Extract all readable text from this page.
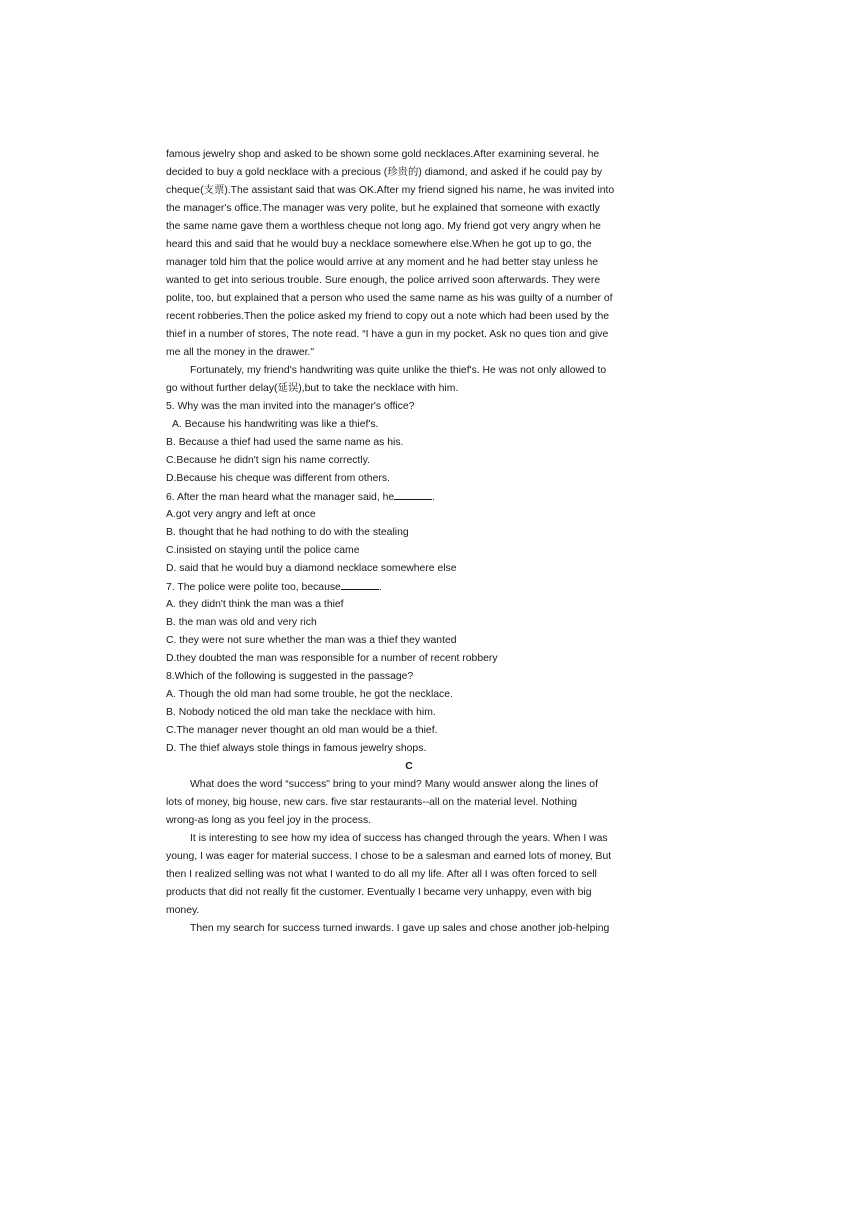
famous jewelry shop and asked to be shown some gold necklaces.After examining several. he
decided to buy a gold necklace with a precious (珍贵的) diamond, and asked if he could pay by
cheque(支票).The assistant said that was OK.After my friend signed his name, he was invited into
the manager's office.The manager was very polite, but he explained that someone with exactly
the same name gave them a worthless cheque not long ago. My friend got very angry when he
heard this and said that he would buy a necklace somewhere else.When he got up to go, the
manager told him that the police would arrive at any moment and he had better stay unless he
wanted to get into serious trouble. Sure enough, the police arrived soon afterwards. They were
polite, too, but explained that a person who used the same name as his was guilty of a number of
recent robberies.Then the police asked my friend to copy out a note which had been used by the
thief in a number of stores, The note read. “I have a gun in my pocket. Ask no ques tion and give
me all the money in the drawer."
Fortunately, my friend's handwriting was quite unlike the thief's. He was not only allowed to
go without further delay(延误),but to take the necklace with him.
5. Why was the man invited into the manager's office?
A. Because his handwriting was like a thief's.
B. Because a thief had used the same name as his.
C.Because he didn't sign his name correctly.
D.Because his cheque was different from others.
6. After the man heard what the manager said, he	.
A.got very angry and left at once
B. thought that he had nothing to do with the stealing
C.insisted on staying until the police came
D. said that he would buy a diamond necklace somewhere else
7. The police were polite too, because	.
A. they didn't think the man was a thief
B. the man was old and very rich
C. they were not sure whether the man was a thief they wanted
D.they doubted the man was responsible for a number of recent robbery
8.Which of the following is suggested in the passage?
A. Though the old man had some trouble, he got the necklace.
B. Nobody noticed the old man take the necklace with him.
C.The manager never thought an old man would be a thief.
D. The thief always stole things in famous jewelry shops.
C
What does the word “success" bring to your mind? Many would answer along the lines of
lots of money, big house, new cars. five star restaurants--all on the material level. Nothing
wrong-as long as you feel joy in the process.
It is interesting to see how my idea of success has changed through the years. When I was
young, I was eager for material success. I chose to be a salesman and earned lots of money, But
then I realized selling was not what I wanted to do all my life. After all I was often forced to sell
products that did not really fit the customer. Eventually I became very unhappy, even with big
money.
Then my search for success turned inwards. I gave up sales and chose another job-helping
